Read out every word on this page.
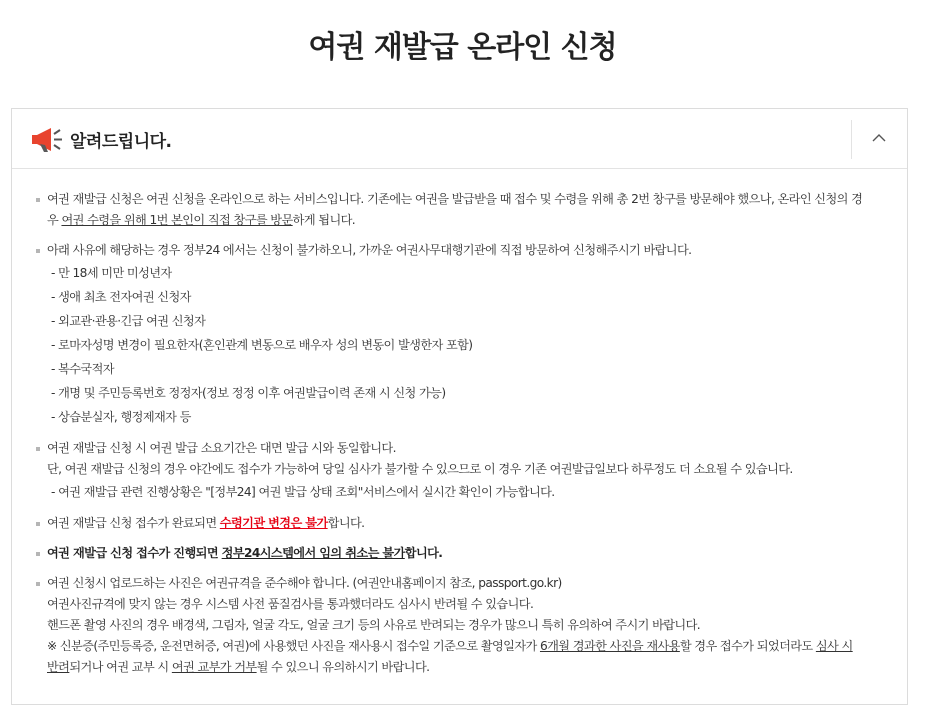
여권 재발급 온라인 신청
알려드립니다.
여권 재발급 신청은 여권 신청을 온라인으로 하는 서비스입니다. 기존에는 여권을 발급받을 때 접수 및 수령을 위해 총 2번 창구를 방문해야 했으나, 온라인 신청의 경
우 여권 수령을 위해 1번 본인이 직접 창구를 방문하게 됩니다.
아래 사유에 해당하는 경우 정부24 에서는 신청이 불가하오니, 가까운 여권사무대행기관에 직접 방문하여 신청해주시기 바랍니다.
- 만 18세 미만 미성년자
- 생애 최초 전자여권 신청자
- 외교관·관용·긴급 여권 신청자
- 로마자성명 변경이 필요한자(혼인관계 변동으로 배우자 성의 변동이 발생한자 포함)
- 복수국적자
- 개명 및 주민등록번호 정정자(정보 정정 이후 여권발급이력 존재 시 신청 가능)
- 상습분실자, 행정제재자 등
여권 재발급 신청 시 여권 발급 소요기간은 대면 발급 시와 동일합니다.
단, 여권 재발급 신청의 경우 야간에도 접수가 가능하여 당일 심사가 불가할 수 있으므로 이 경우 기존 여권발급일보다 하루정도 더 소요될 수 있습니다.
- 여권 재발급 관련 진행상황은 "[정부24] 여권 발급 상태 조회"서비스에서 실시간 확인이 가능합니다.
여권 재발급 신청 접수가 완료되면 수령기관 변경은 불가합니다.
여권 재발급 신청 접수가 진행되면 정부24시스템에서 임의 취소는 불가합니다.
여권 신청시 업로드하는 사진은 여권규격을 준수해야 합니다. (여권안내홈페이지 참조, passport.go.kr)
여권사진규격에 맞지 않는 경우 시스템 사전 품질검사를 통과했더라도 심사시 반려될 수 있습니다.
핸드폰 촬영 사진의 경우 배경색, 그림자, 얼굴 각도, 얼굴 크기 등의 사유로 반려되는 경우가 많으니 특히 유의하여 주시기 바랍니다.
※ 신분증(주민등록증, 운전면허증, 여권)에 사용했던 사진을 재사용시 접수일 기준으로 촬영일자가 6개월 경과한 사진을 재사용할 경우 접수가 되었더라도 심사 시
반려되거나 여권 교부 시 여권 교부가 거부될 수 있으니 유의하시기 바랍니다.
